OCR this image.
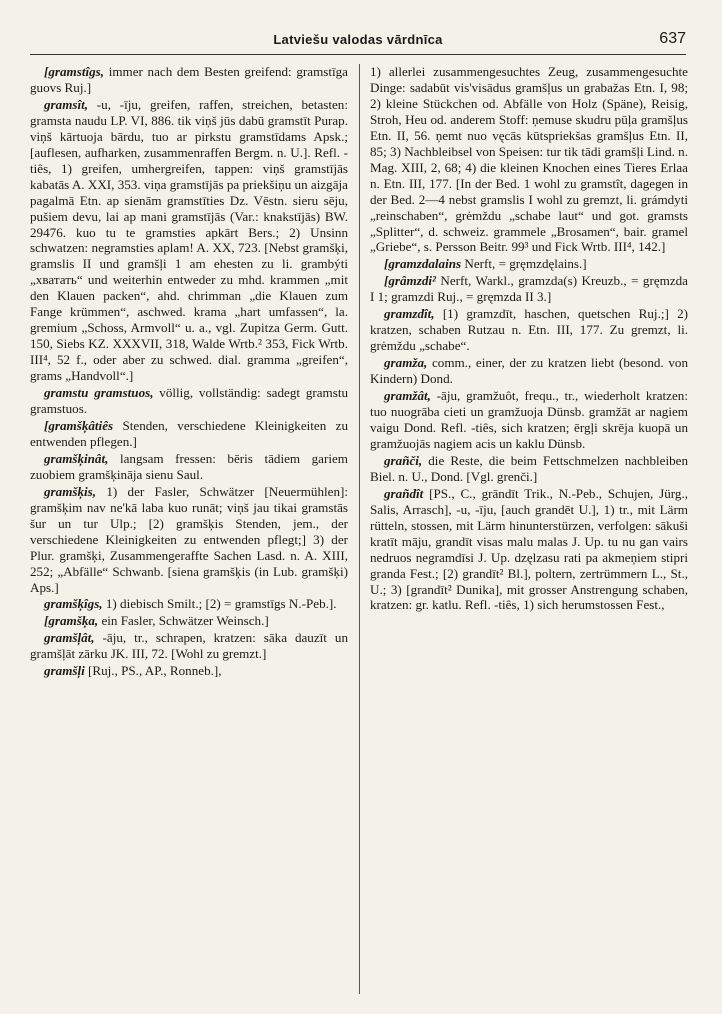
Latviešu valodas vārdnīca	637

[gramstîgs, immer nach dem Besten greifend: gramstīga guovs Ruj.]

gramsît, -u, -īju, greifen, raffen, streichen, betasten: gramsta naudu LP. VI, 886. tik viņš jūs dabū gramstīt Purap. viņš kārtuoja bārdu, tuo ar pirkstu gramstīdams Apsk.; [auflesen, aufharken, zusammenraffen Bergm. n. U.]. Refl. -tiês, 1) greifen, umhergreifen, tappen: viņš gramstījās kabatās A. XXI, 353. viņa gramstījās pa priekšiņu un aizgāja pagalmā Etn. ap sienām gramstīties Dz. Vēstn. sieru sēju, pušiem devu, lai ap mani gramstījās (Var.: knakstījās) BW. 29476. kuo tu te gramsties apkārt Bers.; 2) Unsinn schwatzen: negramsties aplam! A. XX, 723. [Nebst gramšķi, gramslis II und gramšļi 1 am ehesten zu li. grambýti „хватать“ und weiterhin entweder zu mhd. krammen „mit den Klauen packen“, ahd. chrimman „die Klauen zum Fange krümmen“, aschwed. krama „hart umfassen“, la. gremium „Schoss, Armvoll“ u. a., vgl. Zupitza Germ. Gutt. 150, Siebs KZ. XXXVII, 318, Walde Wrtb.² 353, Fick Wrtb. III⁴, 52 f., oder aber zu schwed. dial. gramma „greifen“, grams „Handvoll“.]

gramstu gramstuos, völlig, vollständig: sadegt gramstu gramstuos.

[gramšķâtiês Stenden, verschiedene Kleinigkeiten zu entwenden pflegen.]

gramšķinât, langsam fressen: bēris tādiem gariem zuobiem gramšķināja sienu Saul.

gramšķis, 1) der Fasler, Schwätzer [Neuermühlen]: gramšķim nav ne'kā laba kuo runāt; viņš jau tikai gramstās šur un tur Ulp.; [2) gramšķis Stenden, jem., der verschiedene Kleinigkeiten zu entwenden pflegt;] 3) der Plur. gramšķi, Zusammengeraffte Sachen Lasd. n. A. XIII, 252; „Abfälle“ Schwanb. [siena gramšķis (in Lub. gramšķi) Aps.]

gramšķîgs, 1) diebisch Smilt.; [2) = gramstīgs N.-Peb.].

[gramšķa, ein Fasler, Schwätzer Weinsch.]

gramšļât, -āju, tr., schrapen, kratzen: sāka dauzīt un gramšļāt zārku JK. III, 72. [Wohl zu gremzt.]

gramšļi [Ruj., PS., AP., Ronneb.],

1) allerlei zusammengesuchtes Zeug, zusammengesuchte Dinge: sadabūt vis'visādus gramšļus un grabažas Etn. I, 98; 2) kleine Stückchen od. Abfälle von Holz (Späne), Reisig, Stroh, Heu od. anderem Stoff: ņemuse skudru pūļa gramšļus Etn. II, 56. ņemt nuo vęcās kūtspriekšas gramšļus Etn. II, 85; 3) Nachbleibsel von Speisen: tur tik tādi gramšļi Lind. n. Mag. XIII, 2, 68; 4) die kleinen Knochen eines Tieres Erlaa n. Etn. III, 177. [In der Bed. 1 wohl zu gramstît, dagegen in der Bed. 2—4 nebst gramslis I wohl zu gremzt, li. grámdyti „reinschaben“, grėmždu „schabe laut“ und got. gramsts „Splitter“, d. schweiz. grammele „Brosamen“, bair. gramel „Griebe“, s. Persson Beitr. 99³ und Fick Wrtb. III⁴, 142.]

[gramzdalains Nerft, = gręmzdęlains.]

[grâmzdi² Nerft, Warkl., gramzda(s) Kreuzb., = gręmzda I 1; gramzdi Ruj., = gręmzda II 3.]

gramzdît, [1) gramzdīt, haschen, quetschen Ruj.;] 2) kratzen, schaben Rutzau n. Etn. III, 177. Zu gremzt, li. grėmždu „schabe“.

gramža, comm., einer, der zu kratzen liebt (besond. von Kindern) Dond.

gramžât, -āju, gramžuôt, frequ., tr., wiederholt kratzen: tuo nuogrāba cieti un gramžuoja Dünsb. gramžāt ar nagiem vaigu Dond. Refl. -tiês, sich kratzen; ērgļi skrēja kuopā un gramžuojās nagiem acis un kaklu Dünsb.

grañči, die Reste, die beim Fettschmelzen nachbleiben Biel. n. U., Dond. [Vgl. grenči.]

grañdît [PS., C., grāndīt Trik., N.-Peb., Schujen, Jürg., Salis, Arrasch], -u, -īju, [auch grandēt U.], 1) tr., mit Lärm rütteln, stossen, mit Lärm hinunterstürzen, verfolgen: sākuši kratīt māju, grandīt visas malu malas J. Up. tu nu gan vairs nedruos negramdīsi J. Up. dzęlzasu rati pa akmeņiem stipri granda Fest.; [2) grandīt² Bl.], poltern, zertrümmern L., St., U.; 3) [grandīt² Dunika], mit grosser Anstrengung schaben, kratzen: gr. katlu. Refl. -tiês, 1) sich herumstossen Fest.,
